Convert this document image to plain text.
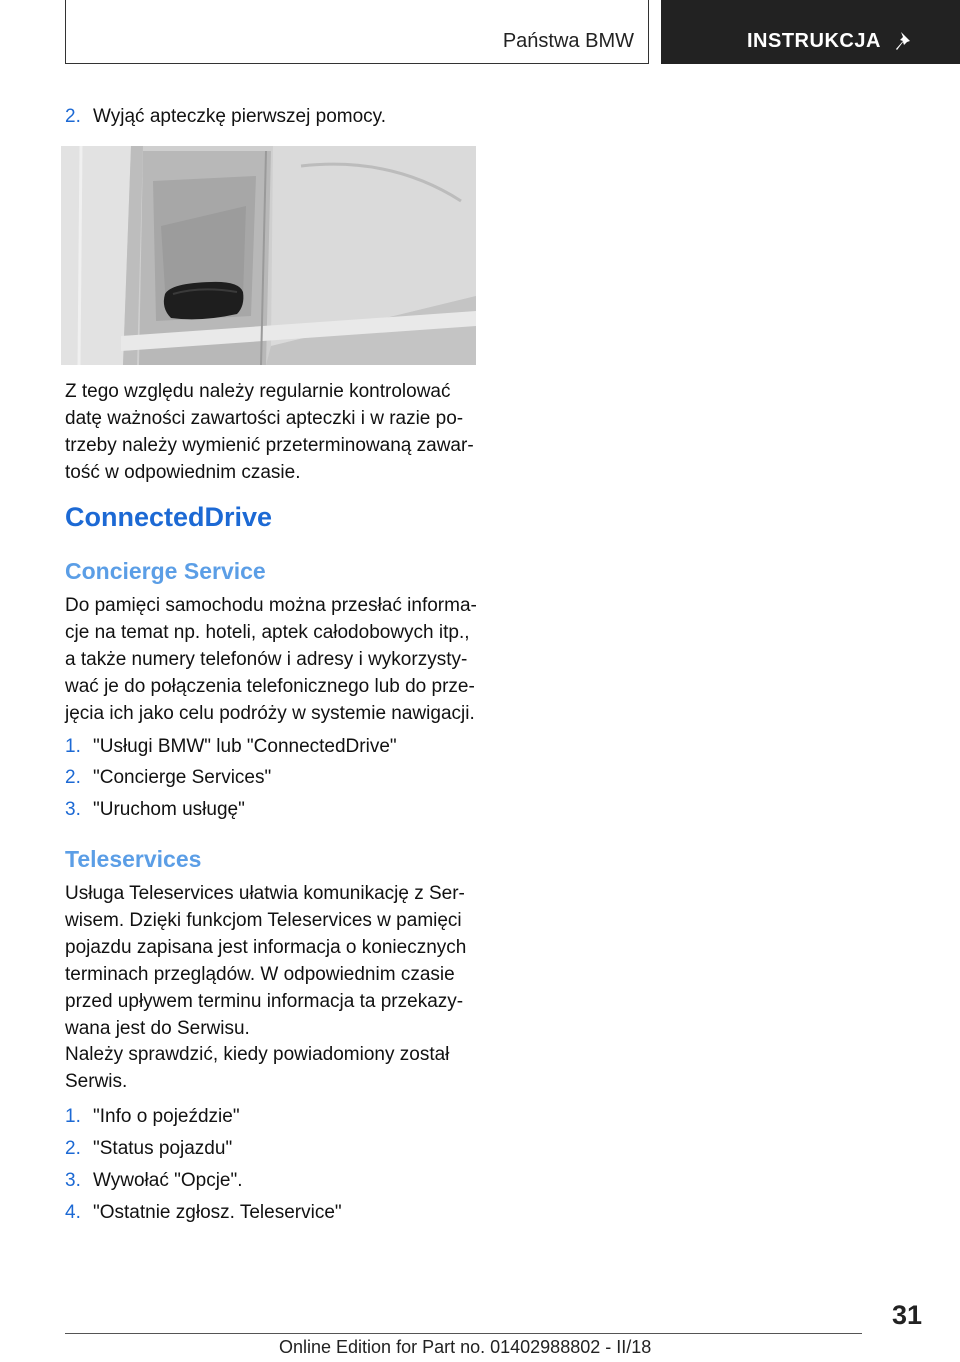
Państwa BMW	INSTRUKCJA
2. Wyjąć apteczkę pierwszej pomocy.

Z tego względu należy regularnie kontrolować

datę ważności zawartości apteczki i w razie po-

trzeby należy wymienić przeterminowaną zawar-

tość w odpowiednim czasie.

ConnectedDrive
Concierge Service

Do pamięci samochodu można przesłać informa-

cje na temat np. hoteli, aptek całodobowych itp.,

a także numery telefonów i adresy i wykorzysty-

wać je do połączenia telefonicznego lub do prze-

jęcia ich jako celu podróży w systemie nawigacji.

1. "Usługi BMW" lub "ConnectedDrive"
2. "Concierge Services"
3. "Uruchom usługę"
Teleservices

Usługa Teleservices ułatwia komunikację z Ser-

wisem. Dzięki funkcjom Teleservices w pamięci

pojazdu zapisana jest informacja o koniecznych

terminach przeglądów. W odpowiednim czasie

przed upływem terminu informacja ta przekazy-

wana jest do Serwisu.

Należy sprawdzić, kiedy powiadomiony został

Serwis.

1. "Info o pojeździe"
2. "Status pojazdu"
3. Wywołać "Opcje".
4. "Ostatnie zgłosz. Teleservice"
31
Online Edition for Part no. 01402988802 - II/18
